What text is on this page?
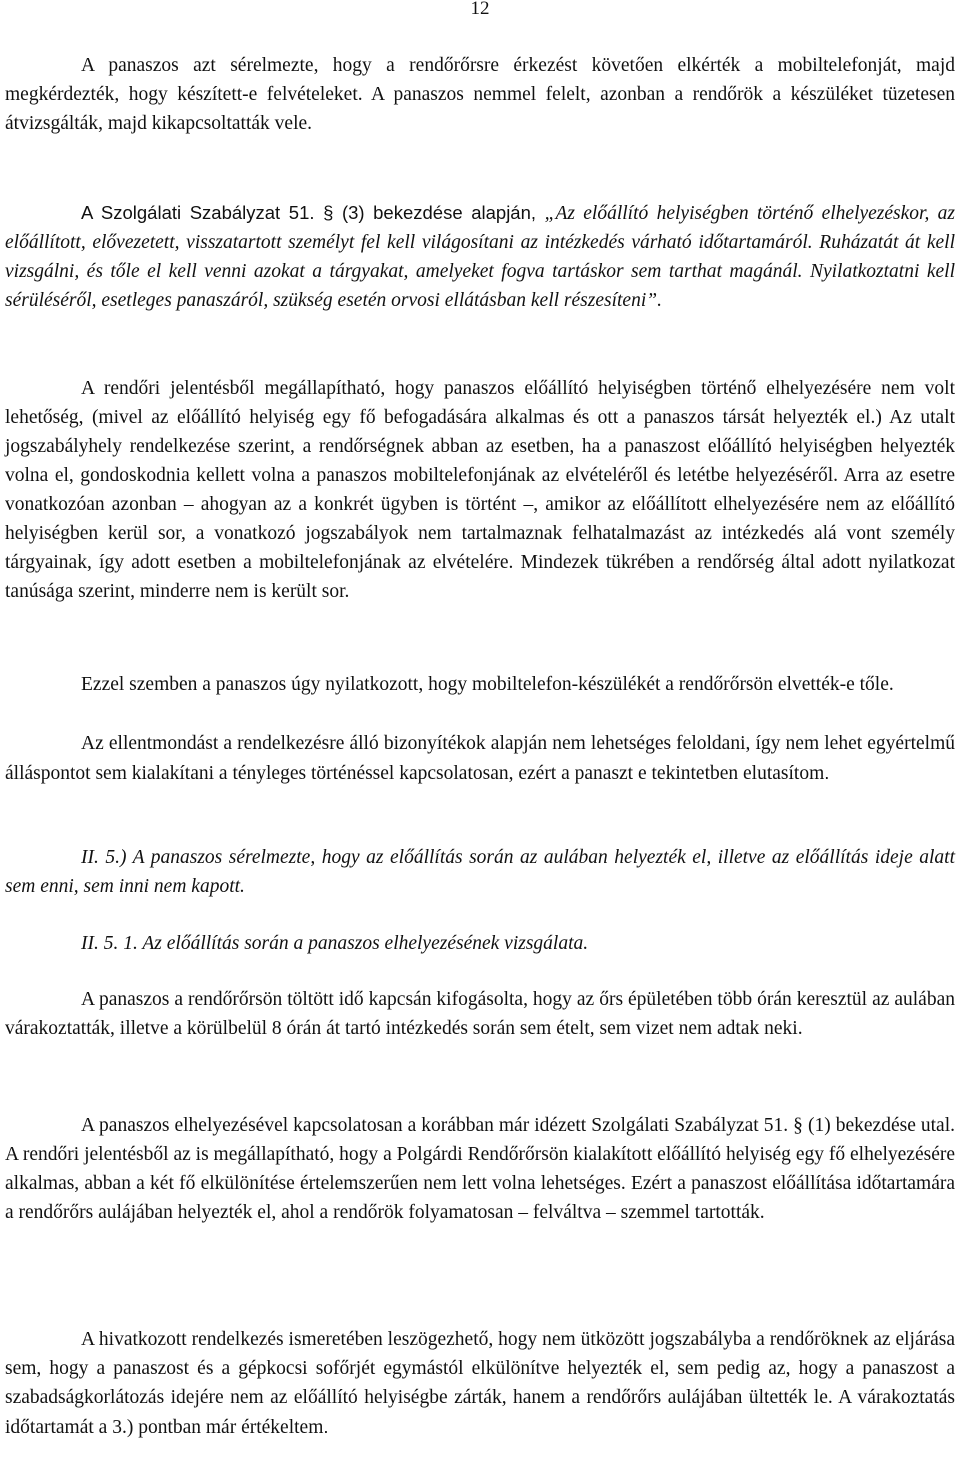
12

A panaszos azt sérelmezte, hogy a rendőrőrsre érkezést követően elkérték a mobiltelefonját, majd megkérdezték, hogy készített-e felvételeket. A panaszos nemmel felelt, azonban a rendőrök a készüléket tüzetesen átvizsgálták, majd kikapcsoltatták vele.

A Szolgálati Szabályzat 51. § (3) bekezdése alapján, „Az előállító helyiségben történő elhelyezéskor, az előállított, elővezetett, visszatartott személyt fel kell világosítani az intézkedés várható időtartamáról. Ruházatát át kell vizsgálni, és tőle el kell venni azokat a tárgyakat, amelyeket fogva tartáskor sem tarthat magánál. Nyilatkoztatni kell sérüléséről, esetleges panaszáról, szükség esetén orvosi ellátásban kell részesíteni”.

A rendőri jelentésből megállapítható, hogy panaszos előállító helyiségben történő elhelyezésére nem volt lehetőség, (mivel az előállító helyiség egy fő befogadására alkalmas és ott a panaszos társát helyezték el.) Az utalt jogszabályhely rendelkezése szerint, a rendőrségnek abban az esetben, ha a panaszost előállító helyiségben helyezték volna el, gondoskodnia kellett volna a panaszos mobiltelefonjának az elvételéről és letétbe helyezéséről. Arra az esetre vonatkozóan azonban – ahogyan az a konkrét ügyben is történt –, amikor az előállított elhelyezésére nem az előállító helyiségben kerül sor, a vonatkozó jogszabályok nem tartalmaznak felhatalmazást az intézkedés alá vont személy tárgyainak, így adott esetben a mobiltelefonjának az elvételére. Mindezek tükrében a rendőrség által adott nyilatkozat tanúsága szerint, minderre nem is került sor.

Ezzel szemben a panaszos úgy nyilatkozott, hogy mobiltelefon-készülékét a rendőrőrsön elvették-e tőle.

Az ellentmondást a rendelkezésre álló bizonyítékok alapján nem lehetséges feloldani, így nem lehet egyértelmű álláspontot sem kialakítani a tényleges történéssel kapcsolatosan, ezért a panaszt e tekintetben elutasítom.

II. 5.) A panaszos sérelmezte, hogy az előállítás során az aulában helyezték el, illetve az előállítás ideje alatt sem enni, sem inni nem kapott.

II. 5. 1. Az előállítás során a panaszos elhelyezésének vizsgálata.

A panaszos a rendőrőrsön töltött idő kapcsán kifogásolta, hogy az őrs épületében több órán keresztül az aulában várakoztatták, illetve a körülbelül 8 órán át tartó intézkedés során sem ételt, sem vizet nem adtak neki.

A panaszos elhelyezésével kapcsolatosan a korábban már idézett Szolgálati Szabályzat 51. § (1) bekezdése utal. A rendőri jelentésből az is megállapítható, hogy a Polgárdi Rendőrőrsön kialakított előállító helyiség egy fő elhelyezésére alkalmas, abban a két fő elkülönítése értelemszerűen nem lett volna lehetséges. Ezért a panaszost előállítása időtartamára a rendőrőrs aulájában helyezték el, ahol a rendőrök folyamatosan – felváltva – szemmel tartották.

A hivatkozott rendelkezés ismeretében leszögezhető, hogy nem ütközött jogszabályba a rendőröknek az eljárása sem, hogy a panaszost és a gépkocsi sofőrjét egymástól elkülönítve helyezték el, sem pedig az, hogy a panaszost a szabadságkorlátozás idejére nem az előállító helyiségbe zárták, hanem a rendőrőrs aulájában ültették le. A várakoztatás időtartamát a 3.) pontban már értékeltem.
